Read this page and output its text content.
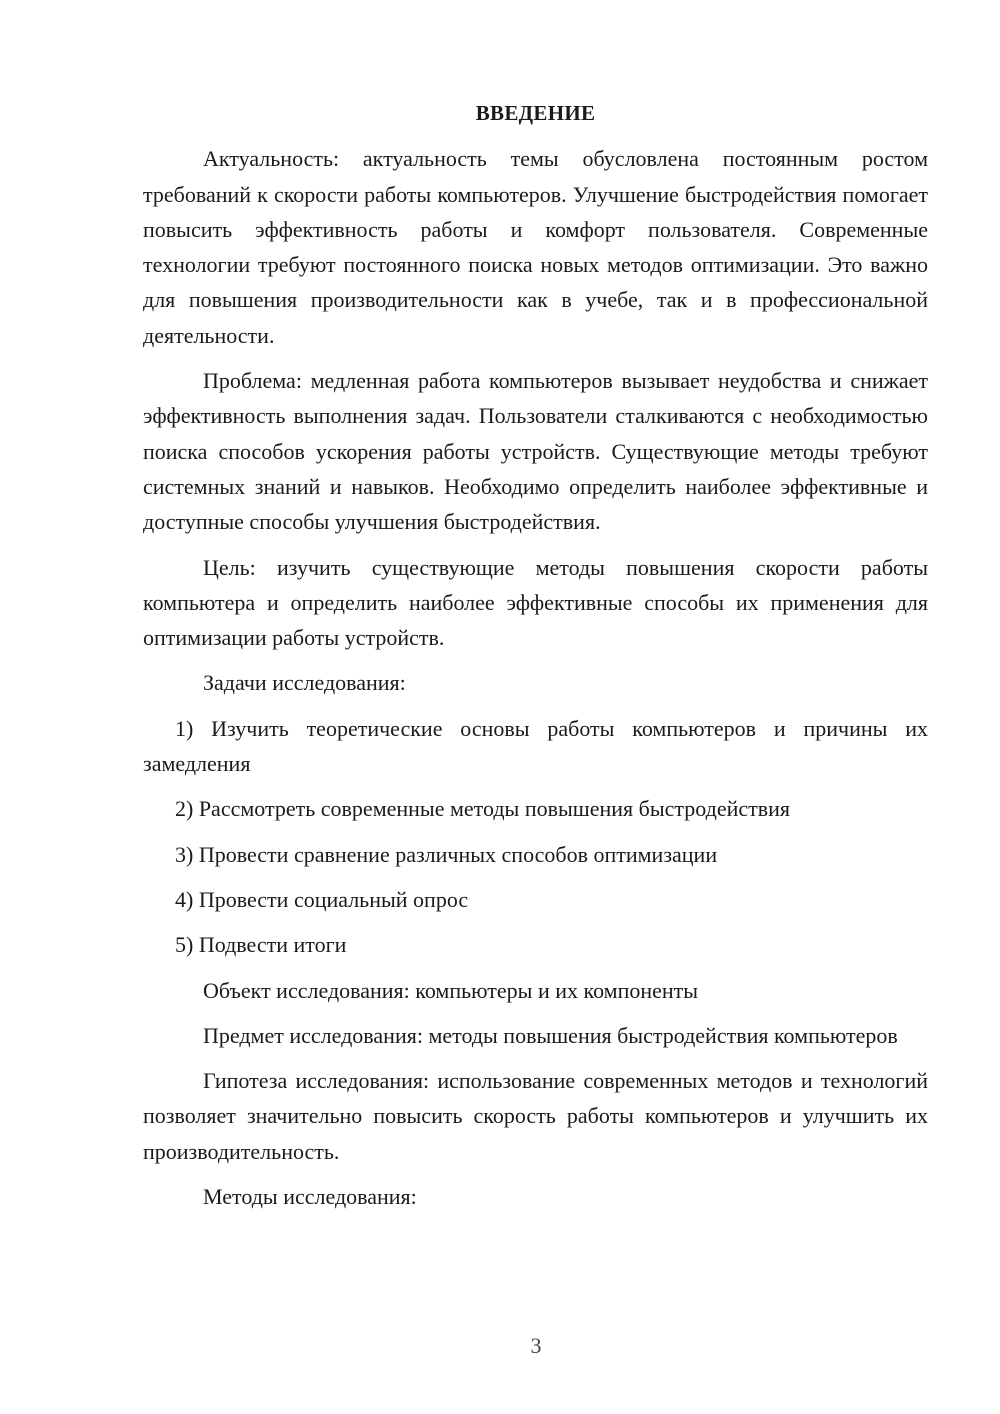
ВВЕДЕНИЕ

Актуальность: актуальность темы обусловлена постоянным ростом требований к скорости работы компьютеров. Улучшение быстродействия помогает повысить эффективность работы и комфорт пользователя. Современные технологии требуют постоянного поиска новых методов оптимизации. Это важно для повышения производительности как в учебе, так и в профессиональной деятельности.

Проблема: медленная работа компьютеров вызывает неудобства и снижает эффективность выполнения задач. Пользователи сталкиваются с необходимостью поиска способов ускорения работы устройств. Существующие методы требуют системных знаний и навыков. Необходимо определить наиболее эффективные и доступные способы улучшения быстродействия.

Цель: изучить существующие методы повышения скорости работы компьютера и определить наиболее эффективные способы их применения для оптимизации работы устройств.

Задачи исследования:

1) Изучить теоретические основы работы компьютеров и причины их замедления

2) Рассмотреть современные методы повышения быстродействия

3) Провести сравнение различных способов оптимизации

4) Провести социальный опрос

5) Подвести итоги

Объект исследования: компьютеры и их компоненты

Предмет исследования: методы повышения быстродействия компьютеров

Гипотеза исследования: использование современных методов и технологий позволяет значительно повысить скорость работы компьютеров и улучшить их производительность.

Методы исследования:

3
